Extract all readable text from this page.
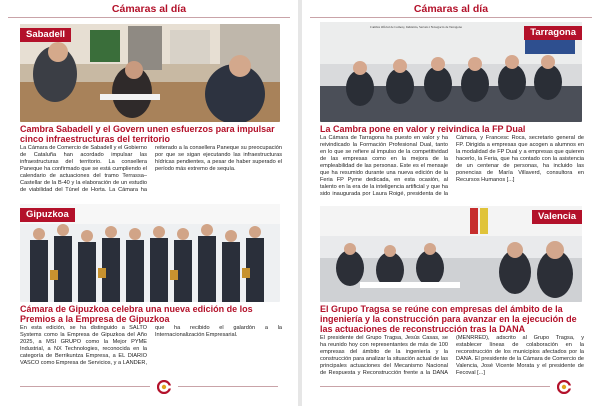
Cámaras al día
Sabadell
Cambra Sabadell y el Govern unen esfuerzos para impulsar cinco infraestructuras del territorio
La Cámara de Comercio de Sabadell y el Gobierno de Cataluña han acordado impulsar las infraestructuras del territorio. La consellera Paneque ha confirmado que se está cumpliendo el calendario de actuaciones del tramo Terrassa–Castellar de la B-40 y la elaboración de un estudio de viabilidad del Túnel de Horta. La Cámara ha reiterado a la consellera Paneque su preocupación por que se sigan ejecutando las infraestructuras hídricas pendientes, a pesar de haber superado el período más extremo de sequía.
Gipuzkoa
Cámara de Gipuzkoa celebra una nueva edición de los Premios a la Empresa de Gipuzkoa
En esta edición, se ha distinguido a SALTO Systems como la Empresa de Gipuzkoa del Año 2025, a MSI GRUPO como la Mejor PYME Industrial, a NX Technologies, reconocida en la categoría de Berrikuntza Empresa, a EL DIARIO VASCO como Empresa de Servicios, y a LANDER, que ha recibido el galardón a la Internacionalización Empresarial.
Cámaras al día
Cambra Oficial de Comerç, Indústria, Serveis i Navegació de Tarragona	Tarragona
La Cambra pone en valor y reivindica la FP Dual
La Cámara de Tarragona ha puesto en valor y ha reivindicado la Formación Profesional Dual, tanto en lo que se refiere al impulso de la competitividad de las empresas como en la mejora de la empleabilidad de las personas. Este es el mensaje que ha resumido durante una nueva edición de la Feria FP Pyme dedicada, en esta ocasión, al talento en la era de la inteligencia artificial y que ha sido inaugurada por Laura Roigé, presidenta de la Cámara, y Francesc Roca, secretario general de FP. Dirigida a empresas que acogen a alumnos en la modalidad de FP Dual y a empresas que quieren hacerlo, la Feria, que ha contado con la asistencia de un centenar de personas, ha incluido las ponencias de María Villaverd, consultora en Recursos Humanos [...]
Valencia
El Grupo Tragsa se reúne con empresas del ámbito de la ingeniería y la construcción para avanzar en la ejecución de las actuaciones de reconstrucción tras la DANA
El presidente del Grupo Tragsa, Jesús Casas, se ha reunido hoy con representantes de más de 100 empresas del ámbito de la ingeniería y la construcción para analizar la situación actual de las principales actuaciones del Mecanismo Nacional de Respuesta y Reconstrucción frente a la DANA (MENRRED), adscrito al Grupo Tragsa, y establecer líneas de colaboración en la reconstrucción de los municipios afectados por la DANA. El presidente de la Cámara de Comercio de Valencia, José Vicente Morata y el presidente de Fecoval [...]
